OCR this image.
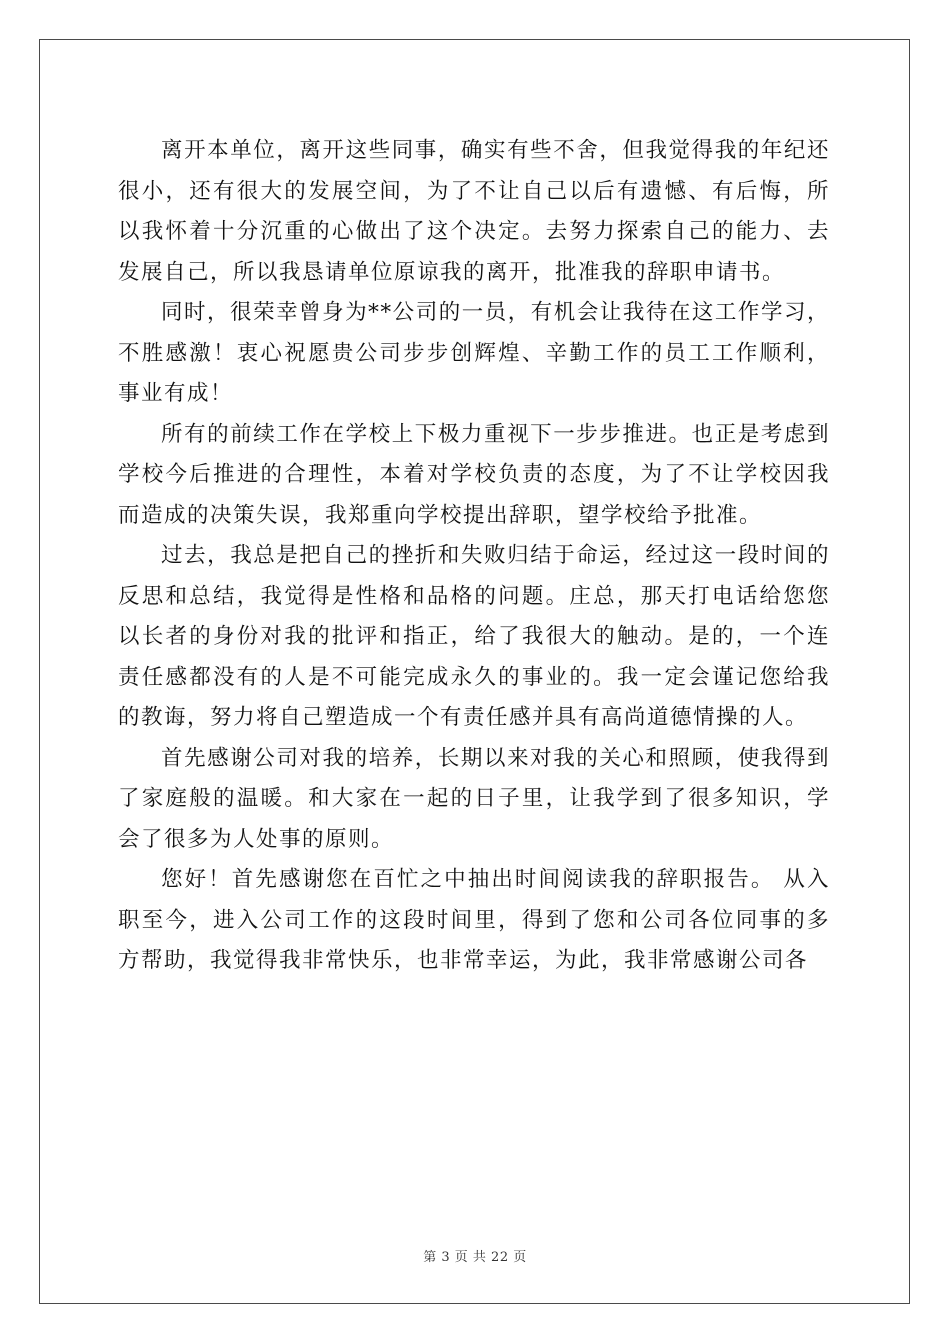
离开本单位，离开这些同事，确实有些不舍，但我觉得我的年纪还很小，还有很大的发展空间，为了不让自己以后有遗憾、有后悔，所以我怀着十分沉重的心做出了这个决定。去努力探索自己的能力、去发展自己，所以我恳请单位原谅我的离开，批准我的辞职申请书。

同时，很荣幸曾身为**公司的一员，有机会让我待在这工作学习，不胜感激！衷心祝愿贵公司步步创辉煌、辛勤工作的员工工作顺利，事业有成！

所有的前续工作在学校上下极力重视下一步步推进。也正是考虑到学校今后推进的合理性，本着对学校负责的态度，为了不让学校因我而造成的决策失误，我郑重向学校提出辞职，望学校给予批准。

过去，我总是把自己的挫折和失败归结于命运，经过这一段时间的反思和总结，我觉得是性格和品格的问题。庄总，那天打电话给您您以长者的身份对我的批评和指正，给了我很大的触动。是的，一个连责任感都没有的人是不可能完成永久的事业的。我一定会谨记您给我的教诲，努力将自己塑造成一个有责任感并具有高尚道德情操的人。

首先感谢公司对我的培养，长期以来对我的关心和照顾，使我得到了家庭般的温暖。和大家在一起的日子里，让我学到了很多知识，学会了很多为人处事的原则。

您好！首先感谢您在百忙之中抽出时间阅读我的辞职报告。 从入职至今，进入公司工作的这段时间里，得到了您和公司各位同事的多方帮助，我觉得我非常快乐，也非常幸运，为此，我非常感谢公司各

第 3 页 共 22 页
